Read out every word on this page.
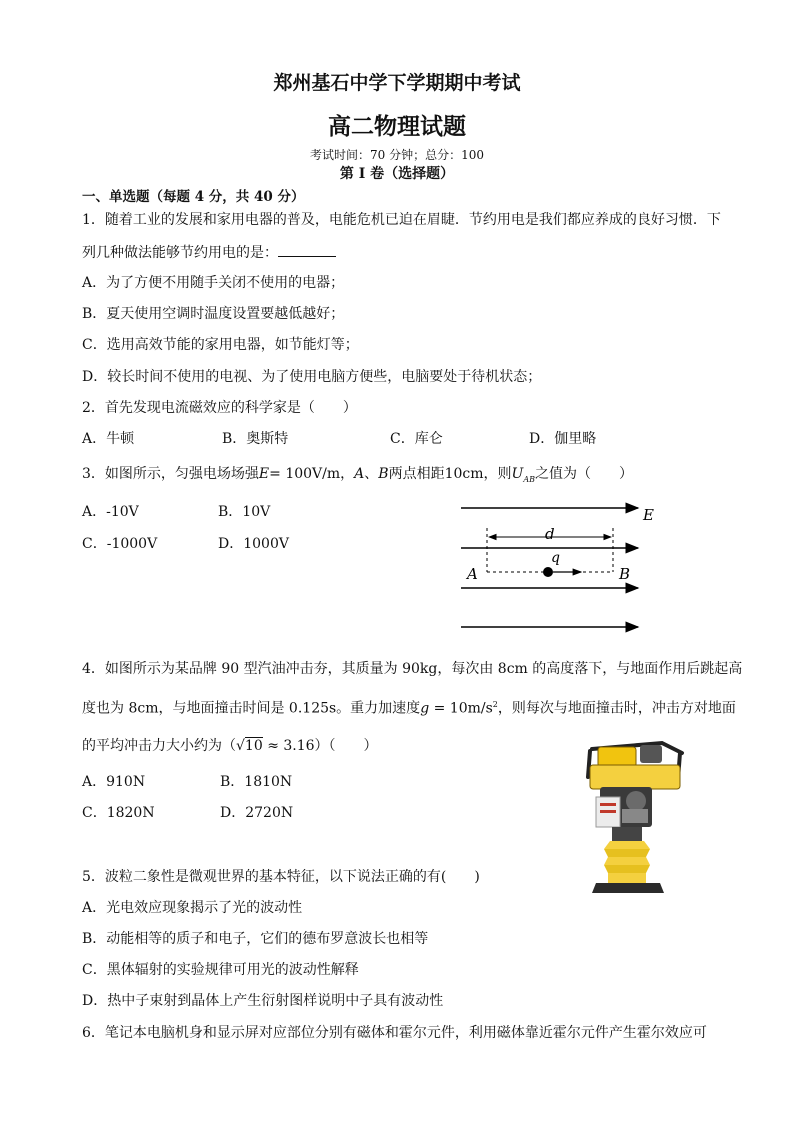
郑州基石中学下学期期中考试
高二物理试题
考试时间：70 分钟；总分：100
第 I 卷（选择题）
一、单选题（每题 4 分，共 40 分）
1．随着工业的发展和家用电器的普及，电能危机已迫在眉睫．节约用电是我们都应养成的良好习惯．下
列几种做法能够节约用电的是：
A．为了方便不用随手关闭不使用的电器；
B．夏天使用空调时温度设置要越低越好；
C．选用高效节能的家用电器，如节能灯等；
D．较长时间不使用的电视、为了使用电脑方便些，电脑要处于待机状态；
2．首先发现电流磁效应的科学家是（　　）
A．牛顿	B．奥斯特	C．库仑	D．伽里略
3．如图所示，匀强电场场强E= 100V/m，A、B两点相距10cm，则$U_{AB}$之值为（　　）
A．-10V	B．10V
C．-1000V	D．1000V
E
d
q
A	B
4．如图所示为某品牌 90 型汽油冲击夯，其质量为 90kg，每次由 8cm 的高度落下，与地面作用后跳起高
度也为 8cm，与地面撞击时间是 0.125s。重力加速度$g = 10m/s^2$，则每次与地面撞击时，冲击方对地面
的平均冲击力大小约为（√10 ≈ 3.16）（　　）
A．910N	B．1810N
C．1820N	D．2720N
5．波粒二象性是微观世界的基本特征，以下说法正确的有(　　)
A．光电效应现象揭示了光的波动性
B．动能相等的质子和电子，它们的德布罗意波长也相等
C．黑体辐射的实验规律可用光的波动性解释
D．热中子束射到晶体上产生衍射图样说明中子具有波动性
6．笔记本电脑机身和显示屏对应部位分别有磁体和霍尔元件，利用磁体靠近霍尔元件产生霍尔效应可
